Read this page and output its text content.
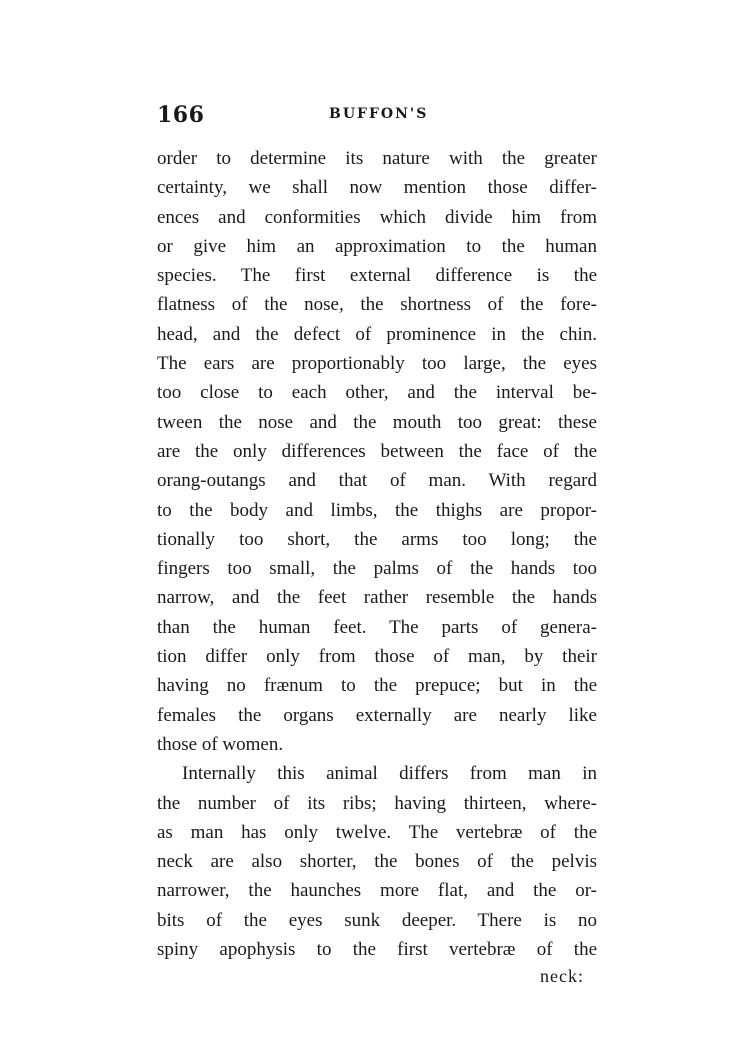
166	BUFFON'S
order to determine its nature with the greater
certainty, we shall now mention those differ-
ences and conformities which divide him from
or give him an approximation to the human
species. The first external difference is the
flatness of the nose, the shortness of the fore-
head, and the defect of prominence in the chin.
The ears are proportionably too large, the eyes
too close to each other, and the interval be-
tween the nose and the mouth too great: these
are the only differences between the face of the
orang-outangs and that of man. With regard
to the body and limbs, the thighs are propor-
tionally too short, the arms too long; the
fingers too small, the palms of the hands too
narrow, and the feet rather resemble the hands
than the human feet. The parts of genera-
tion differ only from those of man, by their
having no frænum to the prepuce; but in the
females the organs externally are nearly like
those of women.
Internally this animal differs from man in
the number of its ribs; having thirteen, where-
as man has only twelve. The vertebræ of the
neck are also shorter, the bones of the pelvis
narrower, the haunches more flat, and the or-
bits of the eyes sunk deeper. There is no
spiny apophysis to the first vertebræ of the
neck:
